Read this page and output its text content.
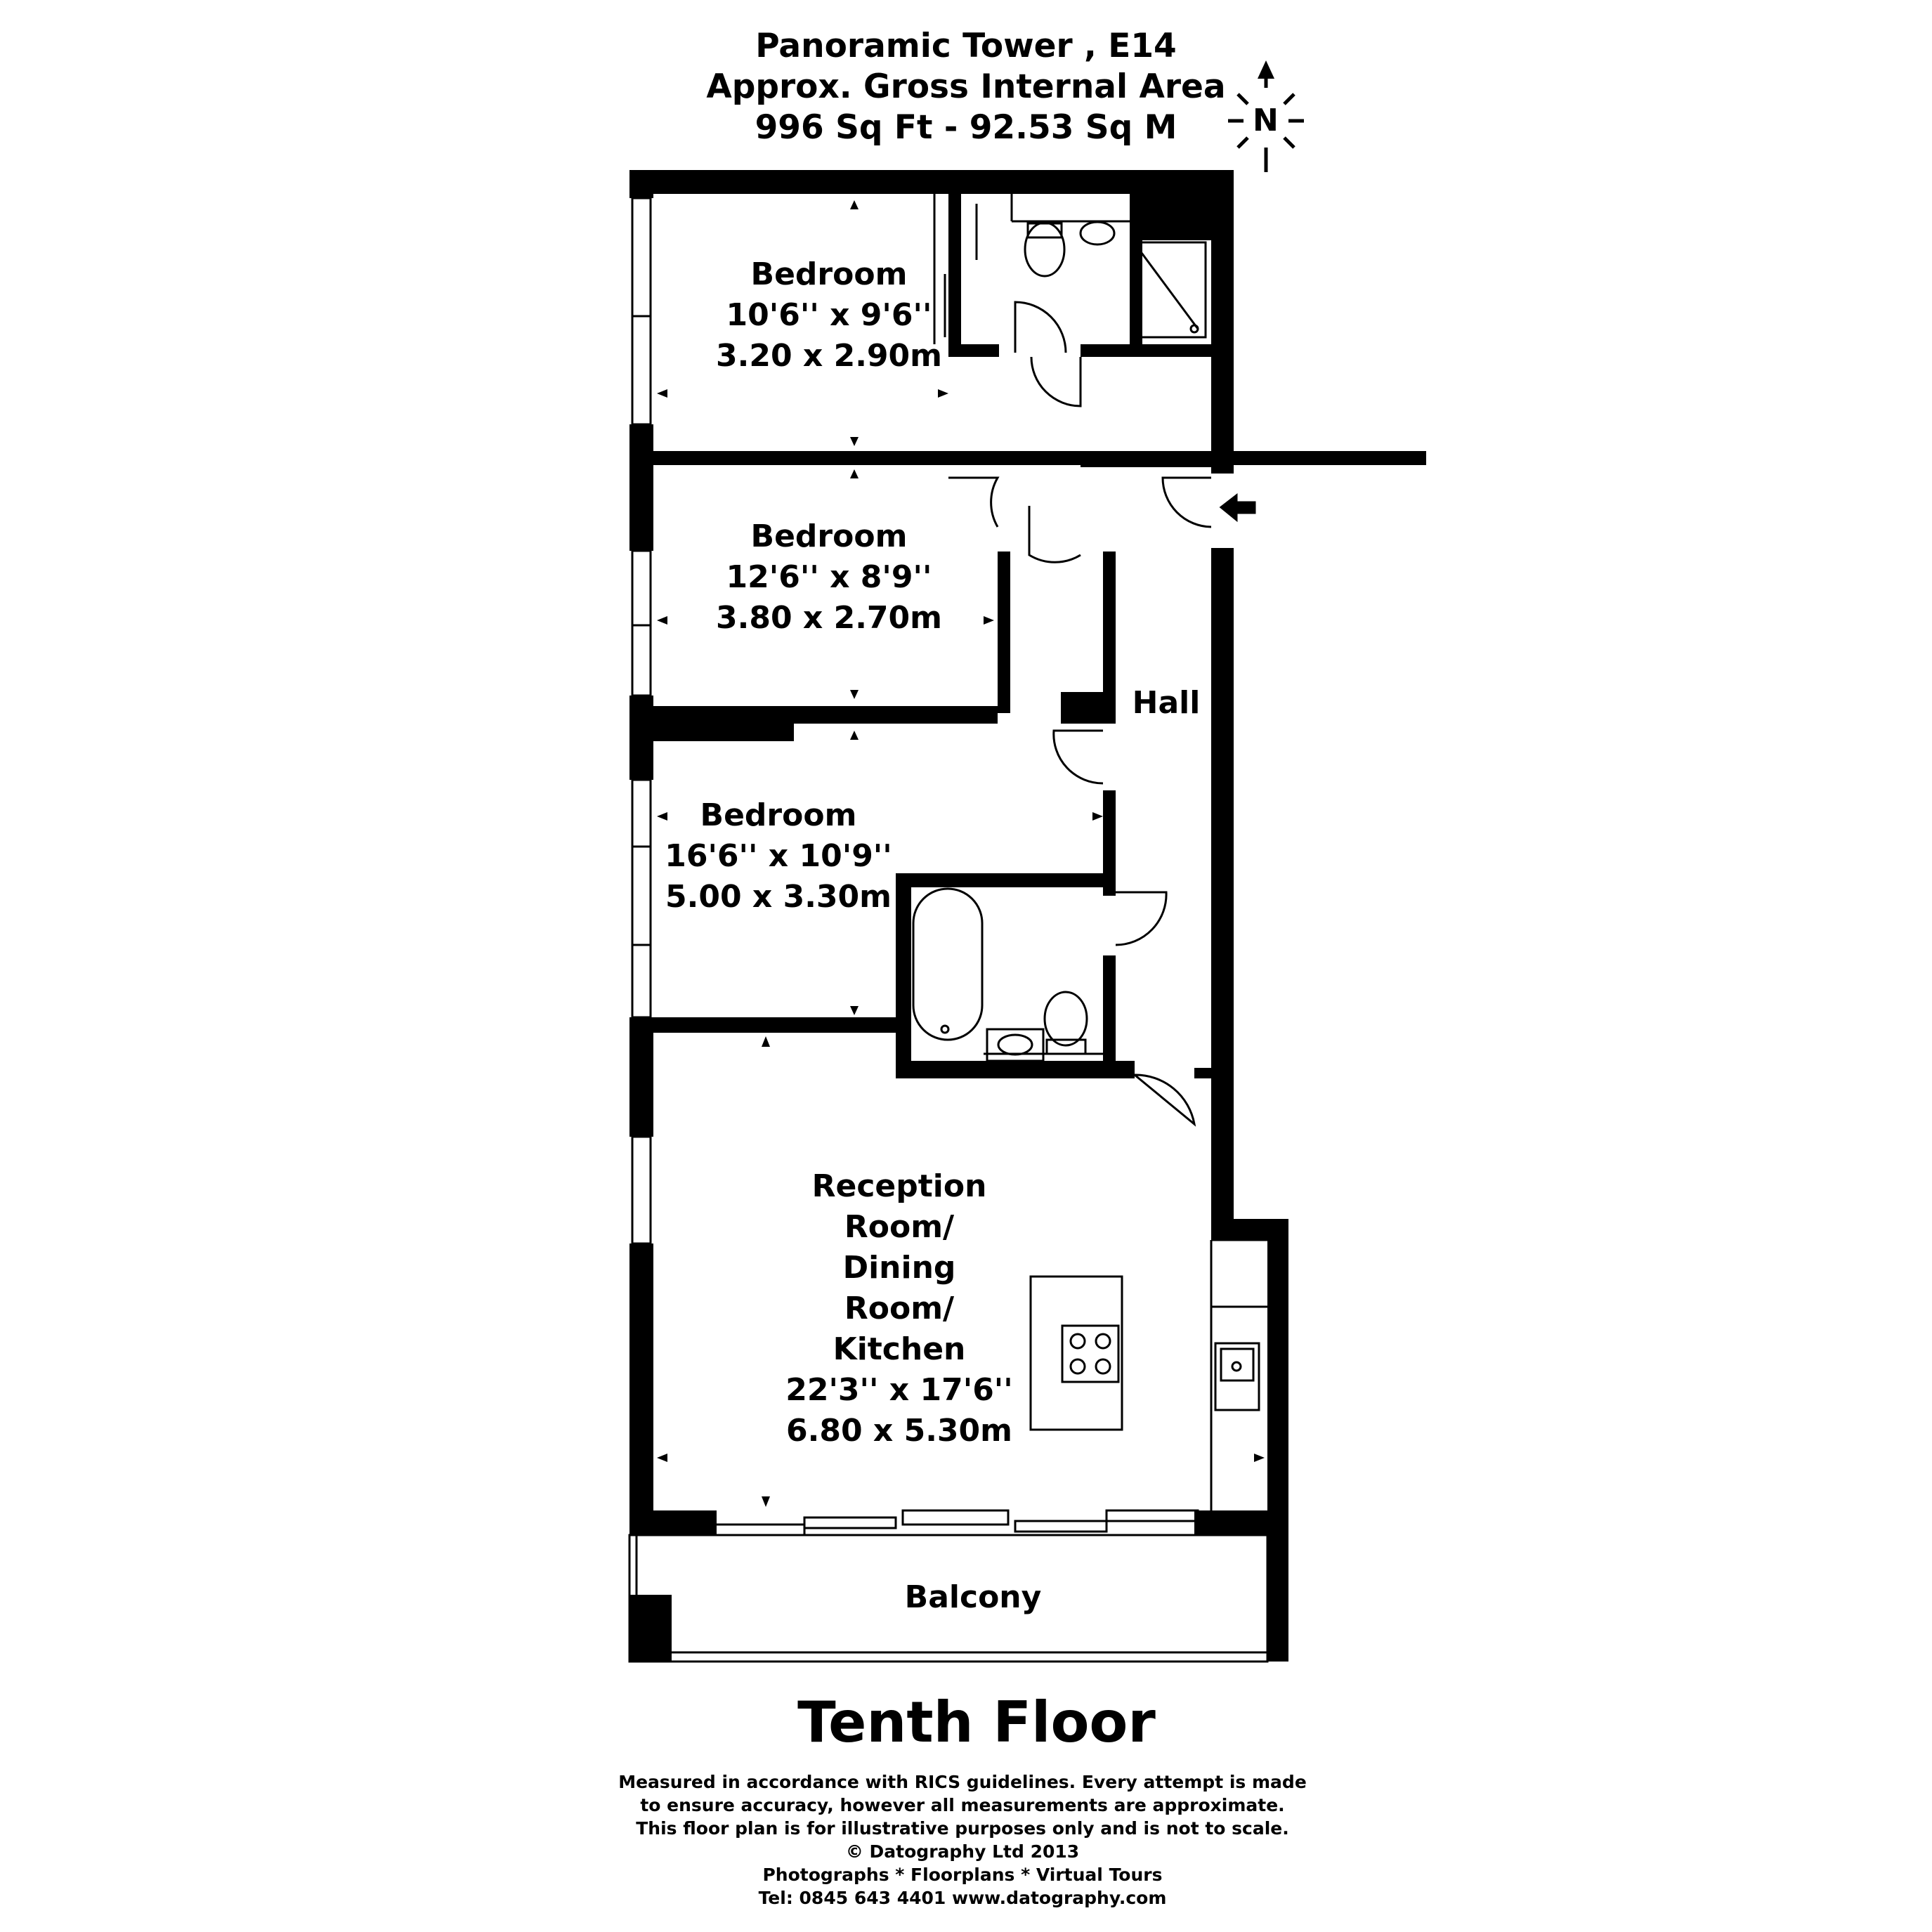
Panoramic Tower , E14
Approx. Gross Internal Area
996 Sq Ft - 92.53 Sq M	N
Bedroom
10'6'' x 9'6''
3.20 x 2.90m
Bedroom
12'6'' x 8'9''
3.80 x 2.70m
Hall
Bedroom
16'6'' x 10'9''
5.00 x 3.30m
Reception
Room/
Dining
Room/
Kitchen
22'3'' x 17'6''
6.80 x 5.30m
Balcony
Tenth Floor
Measured in accordance with RICS guidelines. Every attempt is made
to ensure accuracy, however all measurements are approximate.
This floor plan is for illustrative purposes only and is not to scale.
© Datography Ltd 2013
Photographs * Floorplans * Virtual Tours
Tel: 0845 643 4401 www.datography.com
